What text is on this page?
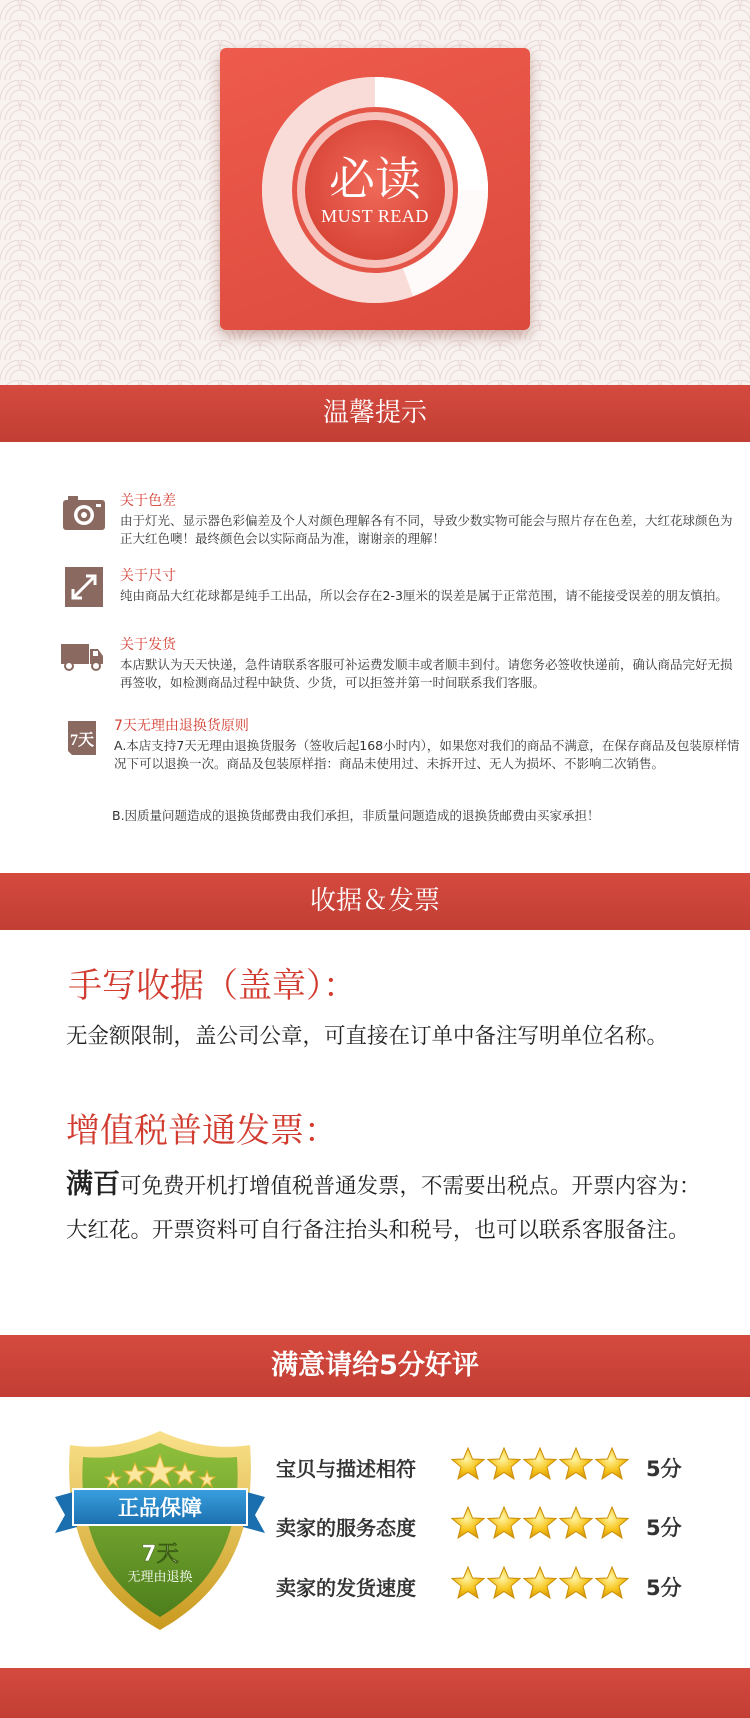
必读
MUST READ
温馨提示
关于色差
由于灯光、显示器色彩偏差及个人对颜色理解各有不同，导致少数实物可能会与照片存在色差，大红花球颜色为正大红色噢！最终颜色会以实际商品为准，谢谢亲的理解！
关于尺寸
纯由商品大红花球都是纯手工出品，所以会存在2-3厘米的误差是属于正常范围，请不能接受误差的朋友慎拍。
关于发货
本店默认为天天快递，急件请联系客服可补运费发顺丰或者顺丰到付。请您务必签收快递前，确认商品完好无损再签收，如检测商品过程中缺货、少货，可以拒签并第一时间联系我们客服。
7天
7天无理由退换货原则
A.本店支持7天无理由退换货服务（签收后起168小时内），如果您对我们的商品不满意，在保存商品及包装原样情况下可以退换一次。商品及包装原样指：商品未使用过、未拆开过、无人为损坏、不影响二次销售。
B.因质量问题造成的退换货邮费由我们承担，非质量问题造成的退换货邮费由买家承担！
收据＆发票
手写收据（盖章）：
无金额限制，盖公司公章，可直接在订单中备注写明单位名称。
增值税普通发票：
满百可免费开机打增值税普通发票，不需要出税点。开票内容为：大红花。开票资料可自行备注抬头和税号，也可以联系客服备注。
满意请给5分好评
正品保障
7天
无理由退换
宝贝与描述相符	5分
卖家的服务态度	5分
卖家的发货速度	5分
